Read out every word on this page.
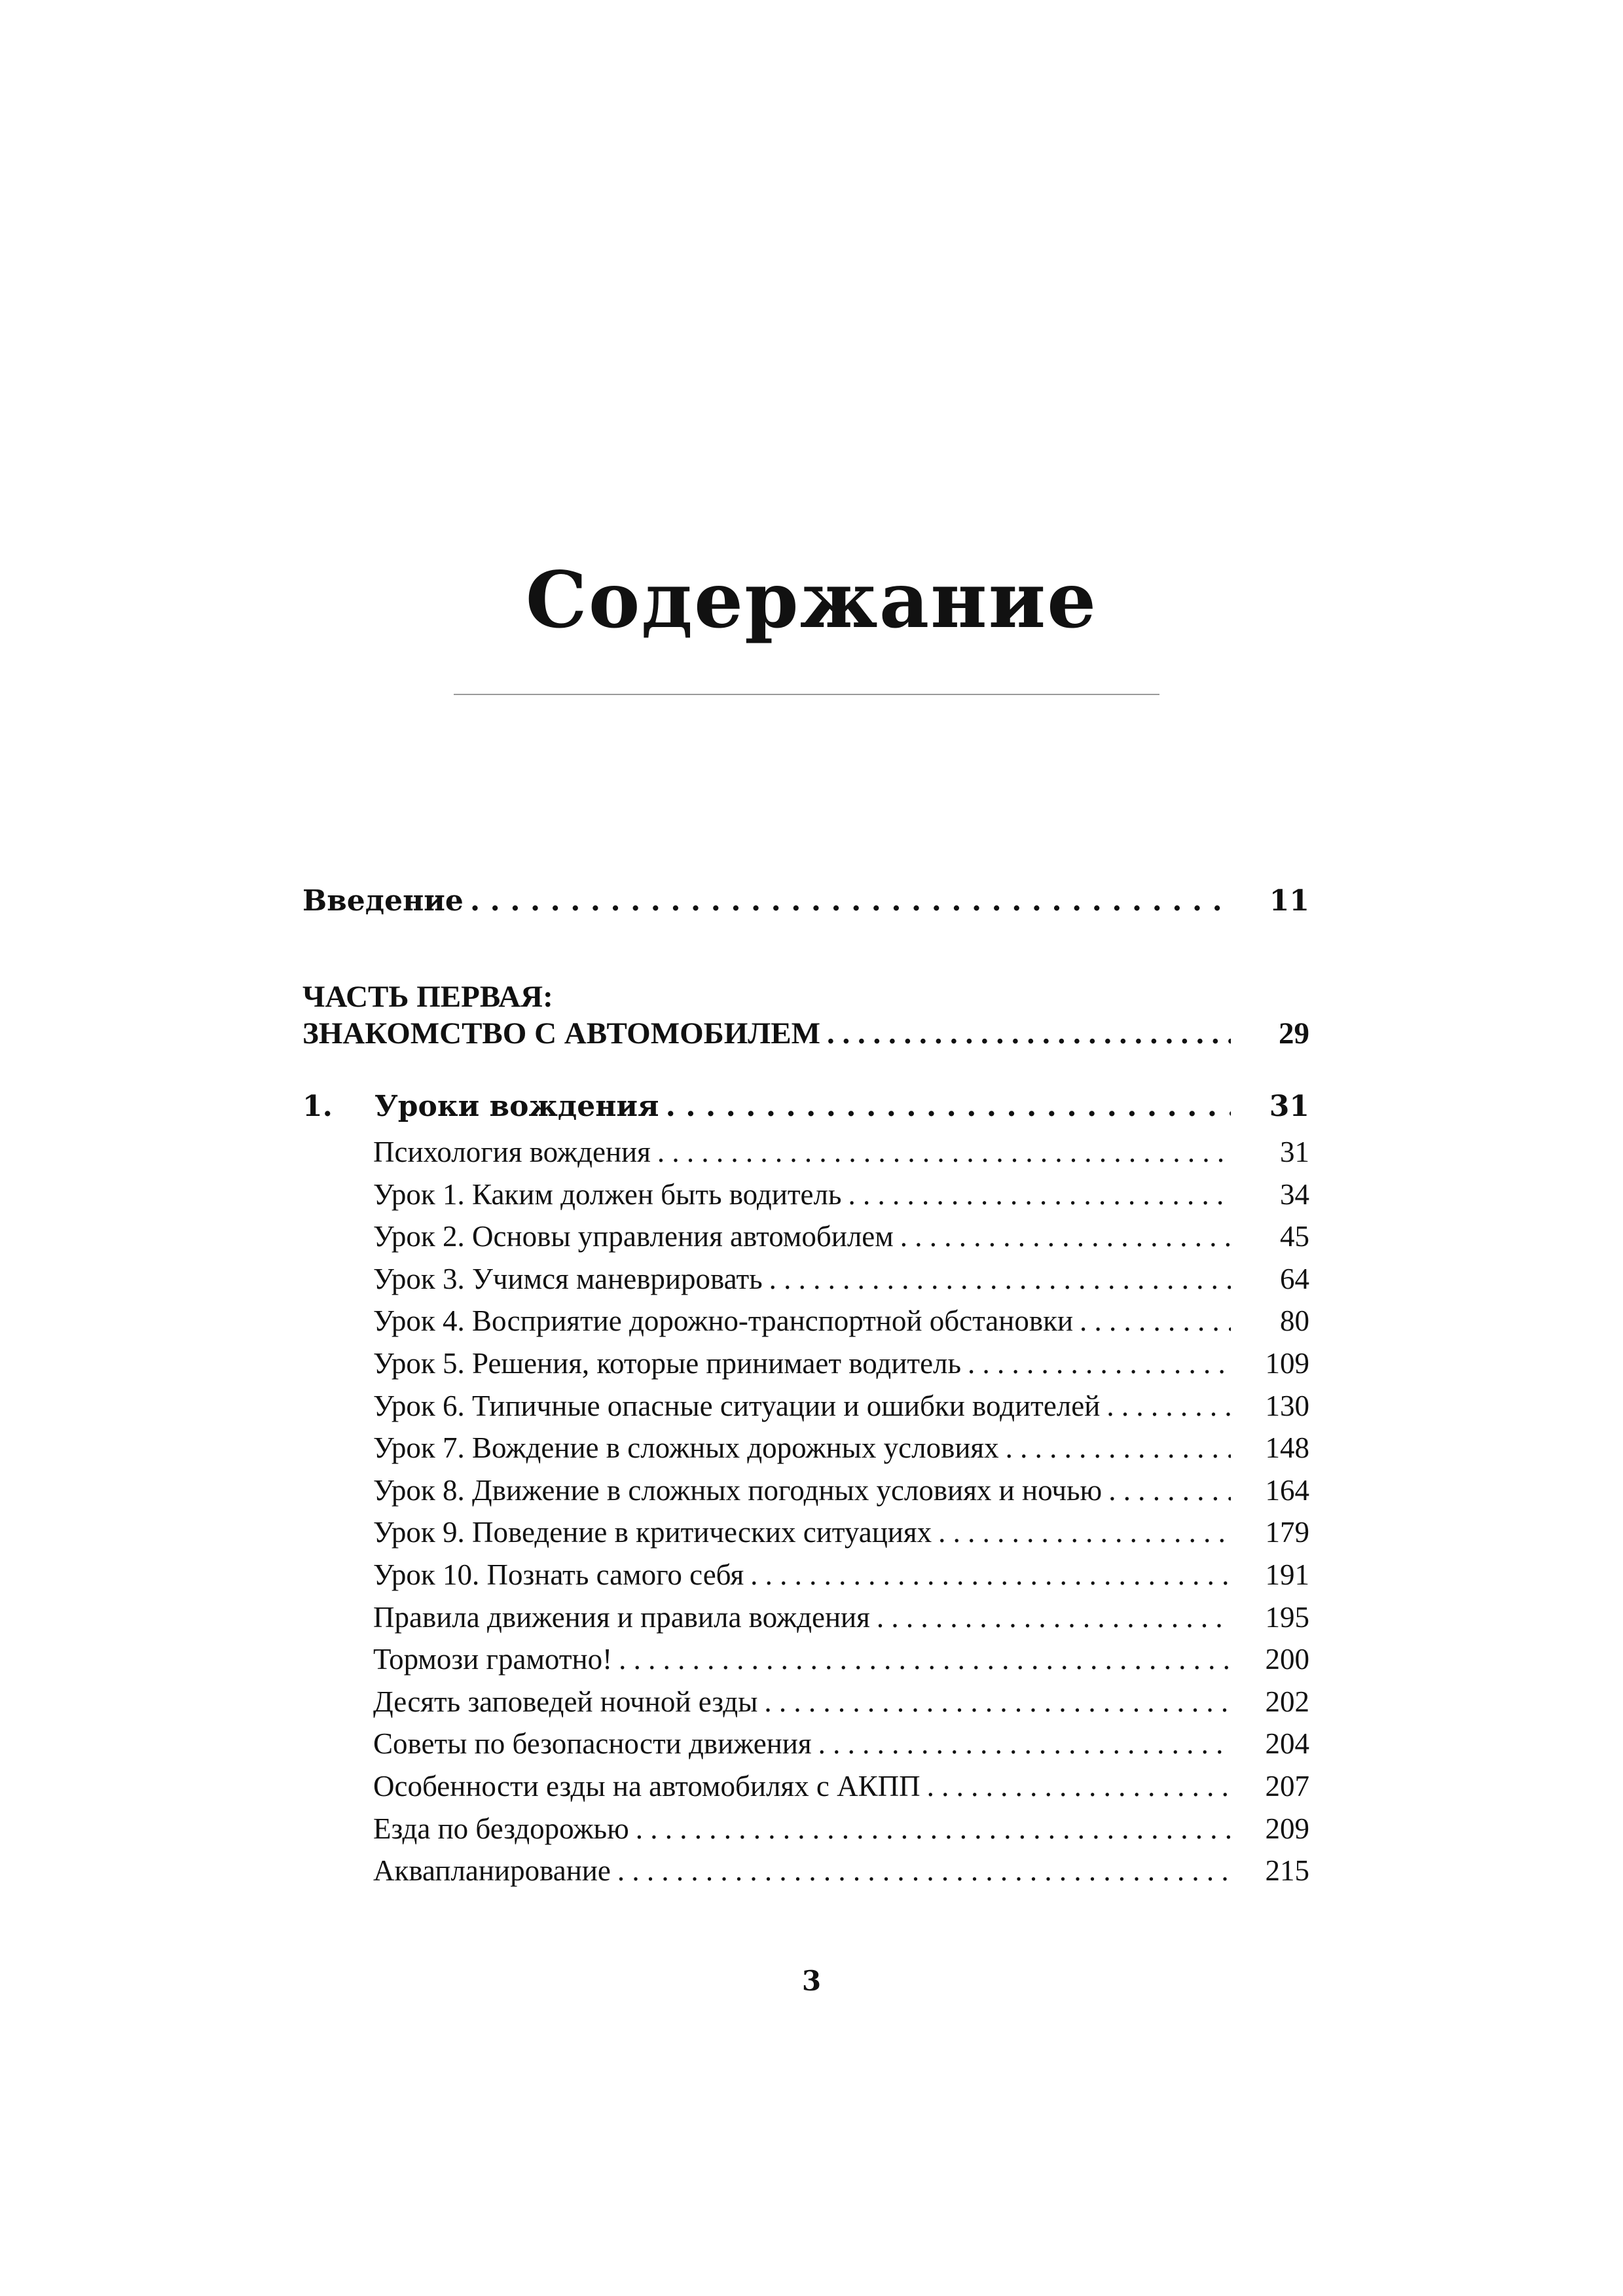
Содержание
Введение . . .	11
ЧАСТЬ ПЕРВАЯ:
ЗНАКОМСТВО С АВТОМОБИЛЕМ . . .	29
1.	Уроки вождения . . .	31
Психология вождения . . .	31
Урок 1. Каким должен быть водитель . . .	34
Урок 2. Основы управления автомобилем . . .	45
Урок 3. Учимся маневрировать . . .	64
Урок 4. Восприятие дорожно-транспортной обстановки . . .	80
Урок 5. Решения, которые принимает водитель . . .	109
Урок 6. Типичные опасные ситуации и ошибки водителей . . .	130
Урок 7. Вождение в сложных дорожных условиях . . .	148
Урок 8. Движение в сложных погодных условиях и ночью . . .	164
Урок 9. Поведение в критических ситуациях . . .	179
Урок 10. Познать самого себя . . .	191
Правила движения и правила вождения . . .	195
Тормози грамотно! . . .	200
Десять заповедей ночной езды . . .	202
Советы по безопасности движения . . .	204
Особенности езды на автомобилях с АКПП . . .	207
Езда по бездорожью . . .	209
Аквапланирование . . .	215
3
